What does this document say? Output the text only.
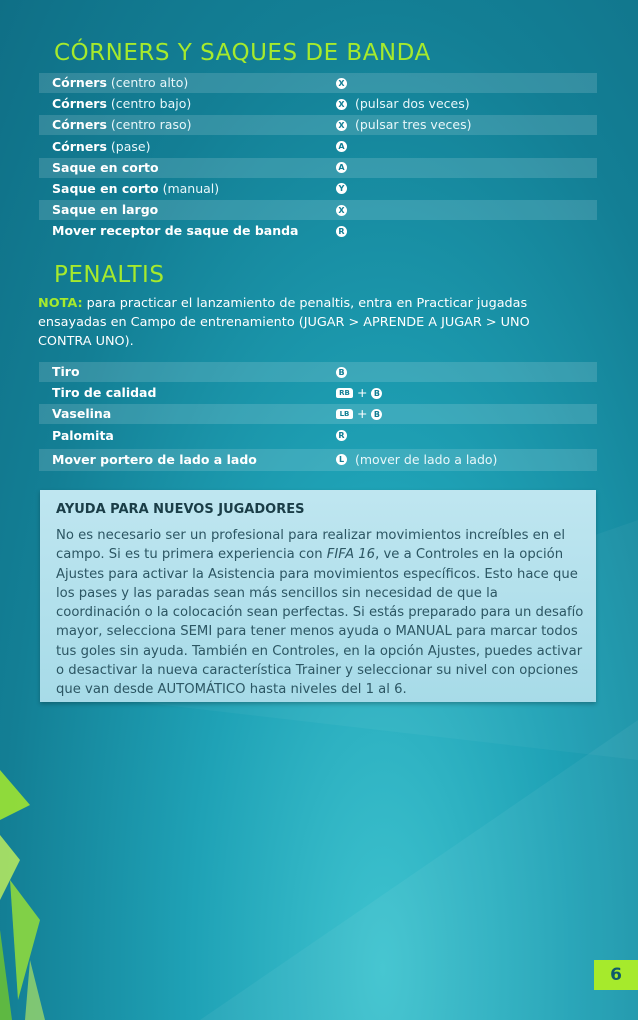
CÓRNERS Y SAQUES DE BANDA
Córners (centro alto)	X
Córners (centro bajo)	X (pulsar dos veces)
Córners (centro raso)	X (pulsar tres veces)
Córners (pase)	A
Saque en corto	A
Saque en corto (manual)	Y
Saque en largo	X
Mover receptor de saque de banda	R
PENALTIS
NOTA: para practicar el lanzamiento de penaltis, entra en Practicar jugadas ensayadas en Campo de entrenamiento (JUGAR > APRENDE A JUGAR > UNO CONTRA UNO).
Tiro	B
Tiro de calidad	RB + B
Vaselina	LB + B
Palomita	R
Mover portero de lado a lado	L (mover de lado a lado)
AYUDA PARA NUEVOS JUGADORES
No es necesario ser un profesional para realizar movimientos increíbles en el campo. Si es tu primera experiencia con FIFA 16, ve a Controles en la opción Ajustes para activar la Asistencia para movimientos específicos. Esto hace que los pases y las paradas sean más sencillos sin necesidad de que la coordinación o la colocación sean perfectas. Si estás preparado para un desafío mayor, selecciona SEMI para tener menos ayuda o MANUAL para marcar todos tus goles sin ayuda. También en Controles, en la opción Ajustes, puedes activar o desactivar la nueva característica Trainer y seleccionar su nivel con opciones que van desde AUTOMÁTICO hasta niveles del 1 al 6.
6
